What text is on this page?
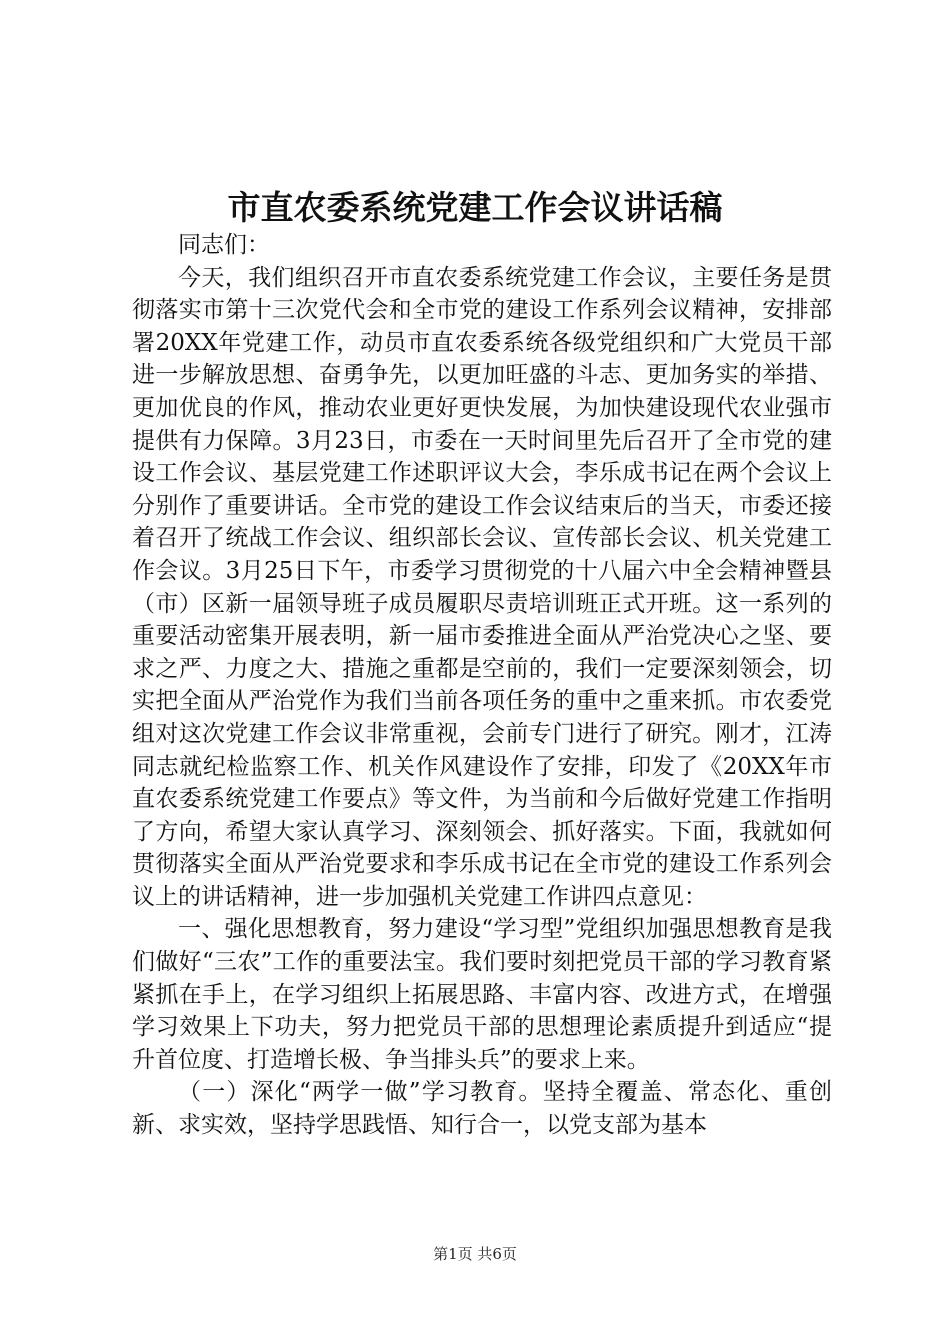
市直农委系统党建工作会议讲话稿

同志们：

今天，我们组织召开市直农委系统党建工作会议，主要任务是贯彻落实市第十三次党代会和全市党的建设工作系列会议精神，安排部署20XX年党建工作，动员市直农委系统各级党组织和广大党员干部进一步解放思想、奋勇争先，以更加旺盛的斗志、更加务实的举措、更加优良的作风，推动农业更好更快发展，为加快建设现代农业强市提供有力保障。3月23日，市委在一天时间里先后召开了全市党的建设工作会议、基层党建工作述职评议大会，李乐成书记在两个会议上分别作了重要讲话。全市党的建设工作会议结束后的当天，市委还接着召开了统战工作会议、组织部长会议、宣传部长会议、机关党建工作会议。3月25日下午，市委学习贯彻党的十八届六中全会精神暨县（市）区新一届领导班子成员履职尽责培训班正式开班。这一系列的重要活动密集开展表明，新一届市委推进全面从严治党决心之坚、要求之严、力度之大、措施之重都是空前的，我们一定要深刻领会，切实把全面从严治党作为我们当前各项任务的重中之重来抓。市农委党组对这次党建工作会议非常重视，会前专门进行了研究。刚才，江涛同志就纪检监察工作、机关作风建设作了安排，印发了《20XX年市直农委系统党建工作要点》等文件，为当前和今后做好党建工作指明了方向，希望大家认真学习、深刻领会、抓好落实。下面，我就如何贯彻落实全面从严治党要求和李乐成书记在全市党的建设工作系列会议上的讲话精神，进一步加强机关党建工作讲四点意见：

一、强化思想教育，努力建设“学习型”党组织加强思想教育是我们做好“三农”工作的重要法宝。我们要时刻把党员干部的学习教育紧紧抓在手上，在学习组织上拓展思路、丰富内容、改进方式，在增强学习效果上下功夫，努力把党员干部的思想理论素质提升到适应“提升首位度、打造增长极、争当排头兵”的要求上来。

（一）深化“两学一做”学习教育。坚持全覆盖、常态化、重创新、求实效，坚持学思践悟、知行合一，以党支部为基本

第1页 共6页
